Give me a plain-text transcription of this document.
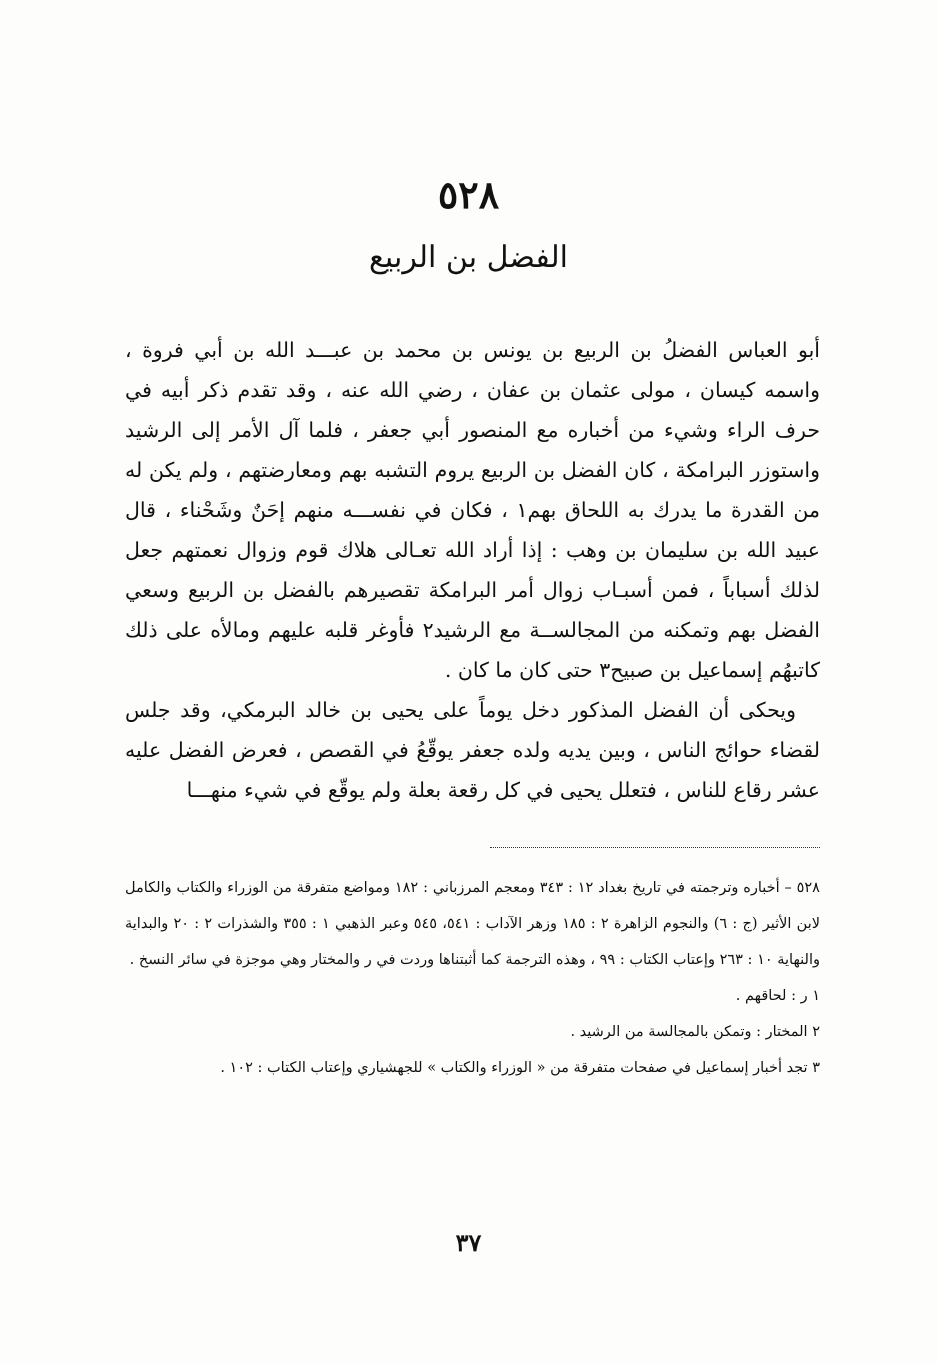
٥٢٨
الفضل بن الربيع

أبو العباس الفضلُ بن الربيع بن يونس بن محمد بن عبـــد الله بن أبي فروة ، واسمه كيسان ، مولى عثمان بن عفان ، رضي الله عنه ، وقد تقدم ذكر أبيه في حرف الراء وشيء من أخباره مع المنصور أبي جعفر ، فلما آل الأمر إلى الرشيد واستوزر البرامكة ، كان الفضل بن الربيع يروم التشبه بهم ومعارضتهم ، ولم يكن له من القدرة ما يدرك به اللحاق بهم١ ، فكان في نفســـه منهم إحَنٌ وشَحْناء ، قال عبيد الله بن سليمان بن وهب : إذا أراد الله تعـالى هلاك قوم وزوال نعمتهم جعل لذلك أسباباً ، فمن أسبـاب زوال أمر البرامكة تقصيرهم بالفضل بن الربيع وسعي الفضل بهم وتمكنه من المجالســة مع الرشيد٢ فأوغر قلبه عليهم ومالأه على ذلك كاتبهُم إسماعيل بن صبيح٣ حتى كان ما كان .

ويحكى أن الفضل المذكور دخل يوماً على يحيى بن خالد البرمكي، وقد جلس لقضاء حوائج الناس ، وبين يديه ولده جعفر يوقّعُ في القصص ، فعرض الفضل عليه عشر رقاع للناس ، فتعلل يحيى في كل رقعة بعلة ولم يوقّع في شيء منهـــا

٥٢٨ – أخباره وترجمته في تاريخ بغداد ١٢ : ٣٤٣ ومعجم المرزباني : ١٨٢ ومواضع متفرقة من الوزراء والكتاب والكامل لابن الأثير (ج : ٦) والنجوم الزاهرة ٢ : ١٨٥ وزهر الآداب : ٥٤١، ٥٤٥ وعبر الذهبي ١ : ٣٥٥ والشذرات ٢ : ٢٠ والبداية والنهاية ١٠ : ٢٦٣ وإعتاب الكتاب : ٩٩ ، وهذه الترجمة كما أثبتناها وردت في ر والمختار وهي موجزة في سائر النسخ .

١ ر : لحاقهم .

٢ المختار : وتمكن بالمجالسة من الرشيد .

٣ تجد أخبار إسماعيل في صفحات متفرقة من « الوزراء والكتاب » للجهشياري وإعتاب الكتاب : ١٠٢ .

٣٧
